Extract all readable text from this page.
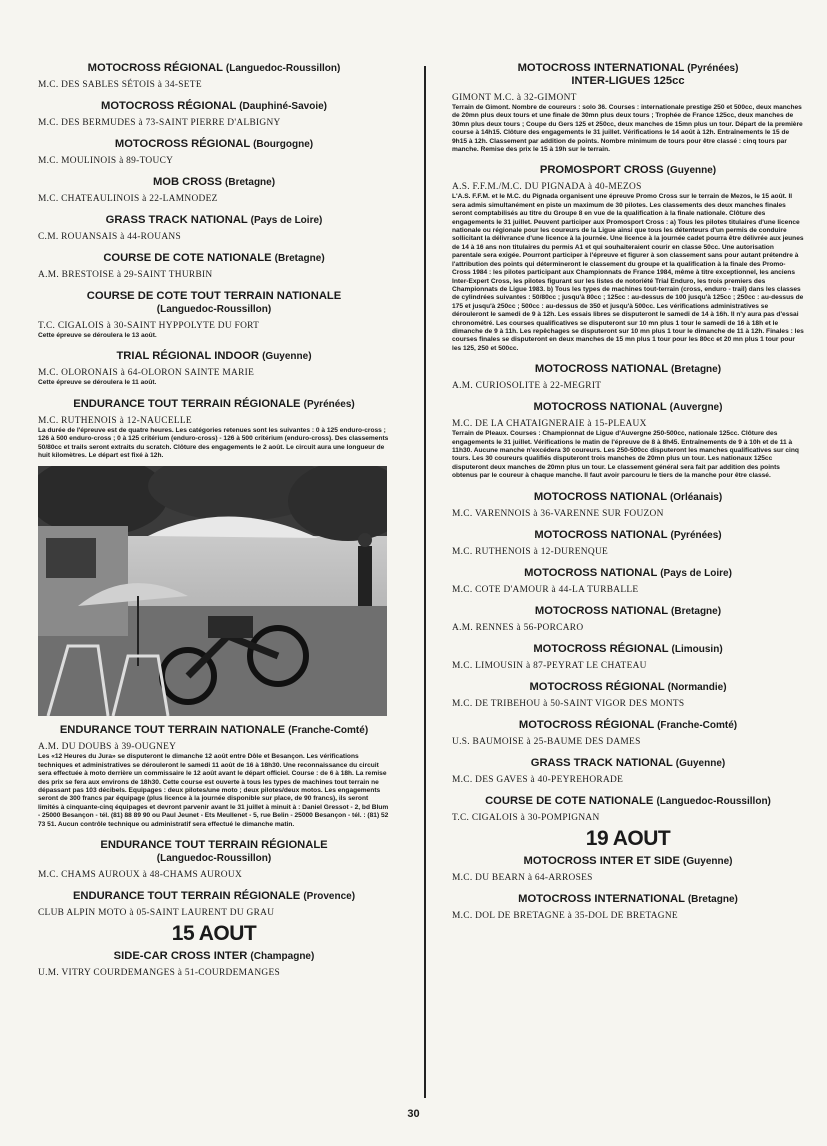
MOTOCROSS RÉGIONAL (Languedoc-Roussillon)

M.C. DES SABLES SÉTOIS à 34-SETE

MOTOCROSS RÉGIONAL (Dauphiné-Savoie)

M.C. DES BERMUDES à 73-SAINT PIERRE D'ALBIGNY

MOTOCROSS RÉGIONAL (Bourgogne)

M.C. MOULINOIS à 89-TOUCY

MOB CROSS (Bretagne)

M.C. CHATEAULINOIS à 22-LAMNODEZ

GRASS TRACK NATIONAL (Pays de Loire)

C.M. ROUANSAIS à 44-ROUANS

COURSE DE COTE NATIONALE (Bretagne)

A.M. BRESTOISE à 29-SAINT THURBIN

COURSE DE COTE TOUT TERRAIN NATIONALE
(Languedoc-Roussillon)

T.C. CIGALOIS à 30-SAINT HYPPOLYTE DU FORT

Cette épreuve se déroulera le 13 août.

TRIAL RÉGIONAL INDOOR (Guyenne)

M.C. OLORONAIS à 64-OLORON SAINTE MARIE

Cette épreuve se déroulera le 11 août.

ENDURANCE TOUT TERRAIN RÉGIONALE (Pyrénées)

M.C. RUTHENOIS à 12-NAUCELLE

La durée de l'épreuve est de quatre heures. Les catégories retenues sont les suivantes : 0 à 125 enduro-cross ; 126 à 500 enduro-cross ; 0 à 125 critérium (enduro-cross) - 126 à 500 critérium (enduro-cross). Des classements 50/80cc et trails seront extraits du scratch. Clôture des engagements le 2 août. Le circuit aura une longueur de huit kilomètres. Le départ est fixé à 12h.

ENDURANCE TOUT TERRAIN NATIONALE (Franche-Comté)

A.M. DU DOUBS à 39-OUGNEY

Les «12 Heures du Jura» se disputeront le dimanche 12 août entre Dôle et Besançon. Les vérifications techniques et administratives se dérouleront le samedi 11 août de 16 à 18h30. Une reconnaissance du circuit sera effectuée à moto derrière un commissaire le 12 août avant le départ officiel. Course : de 6 à 18h. La remise des prix se fera aux environs de 18h30. Cette course est ouverte à tous les types de machines tout terrain ne dépassant pas 103 décibels. Equipages : deux pilotes/une moto ; deux pilotes/deux motos. Les engagements seront de 300 francs par équipage (plus licence à la journée disponible sur place, de 90 francs), ils seront limités à cinquante-cinq équipages et devront parvenir avant le 31 juillet à minuit à : Daniel Gressot - 2, bd Blum - 25000 Besançon - tél. (81) 88 89 90 ou Paul Jeunet - Ets Meullenet - 5, rue Belin - 25000 Besançon - tél. : (81) 52 73 51. Aucun contrôle technique ou administratif sera effectué le dimanche matin.

ENDURANCE TOUT TERRAIN RÉGIONALE
(Languedoc-Roussillon)

M.C. CHAMS AUROUX à 48-CHAMS AUROUX

ENDURANCE TOUT TERRAIN RÉGIONALE (Provence)

CLUB ALPIN MOTO à 05-SAINT LAURENT DU GRAU

15 AOUT

SIDE-CAR CROSS INTER (Champagne)

U.M. VITRY COURDEMANGES à 51-COURDEMANGES

MOTOCROSS INTERNATIONAL (Pyrénées)

INTER-LIGUES 125cc

GIMONT M.C. à 32-GIMONT

Terrain de Gimont. Nombre de coureurs : solo 36. Courses : internationale prestige 250 et 500cc, deux manches de 20mn plus deux tours et une finale de 30mn plus deux tours ; Trophée de France 125cc, deux manches de 30mn plus deux tours ; Coupe du Gers 125 et 250cc, deux manches de 15mn plus un tour. Départ de la première course à 14h15. Clôture des engagements le 31 juillet. Vérifications le 14 août à 12h. Entraînements le 15 de 9h15 à 12h. Classement par addition de points. Nombre minimum de tours pour être classé : cinq tours par manche. Remise des prix le 15 à 19h sur le terrain.

PROMOSPORT CROSS (Guyenne)

A.S. F.F.M./M.C. DU PIGNADA à 40-MEZOS

L'A.S. F.F.M. et le M.C. du Pignada organisent une épreuve Promo Cross sur le terrain de Mezos, le 15 août. Il sera admis simultanément en piste un maximum de 30 pilotes. Les classements des deux manches finales seront comptabilisés au titre du Groupe 8 en vue de la qualification à la finale nationale. Clôture des engagements le 31 juillet. Peuvent participer aux Promosport Cross : a) Tous les pilotes titulaires d'une licence nationale ou régionale pour les coureurs de la Ligue ainsi que tous les détenteurs d'un permis de conduire sollicitant la délivrance d'une licence à la journée. Une licence à la journée cadet pourra être délivrée aux jeunes de 14 à 16 ans non titulaires du permis A1 et qui souhaiteraient courir en classe 50cc. Une autorisation parentale sera exigée. Pourront participer à l'épreuve et figurer à son classement sans pour autant prétendre à l'attribution des points qui détermineront le classement du groupe et la qualification à la finale des Promo-Cross 1984 : les pilotes participant aux Championnats de France 1984, même à titre exceptionnel, les anciens Inter-Expert Cross, les pilotes figurant sur les listes de notoriété Trial Enduro, les trois premiers des Championnats de Ligue 1983. b) Tous les types de machines tout-terrain (cross, enduro - trail) dans les classes de cylindrées suivantes : 50/80cc ; jusqu'à 80cc ; 125cc : au-dessus de 100 jusqu'à 125cc ; 250cc : au-dessus de 175 et jusqu'à 250cc ; 500cc : au-dessus de 350 et jusqu'à 500cc. Les vérifications administratives se dérouleront le samedi de 9 à 12h. Les essais libres se disputeront le samedi de 14 à 16h. Il n'y aura pas d'essai chronométré. Les courses qualificatives se disputeront sur 10 mn plus 1 tour le samedi de 16 à 18h et le dimanche de 9 à 11h. Les repêchages se disputeront sur 10 mn plus 1 tour le dimanche de 11 à 12h. Finales : les courses finales se disputeront en deux manches de 15 mn plus 1 tour pour les 80cc et 20 mn plus 1 tour pour les 125, 250 et 500cc.

MOTOCROSS NATIONAL (Bretagne)

A.M. CURIOSOLITE à 22-MEGRIT

MOTOCROSS NATIONAL (Auvergne)

M.C. DE LA CHATAIGNERAIE à 15-PLEAUX

Terrain de Pleaux. Courses : Championnat de Ligue d'Auvergne 250-500cc, nationale 125cc. Clôture des engagements le 31 juillet. Vérifications le matin de l'épreuve de 8 à 8h45. Entraînements de 9 à 10h et de 11 à 11h30. Aucune manche n'excédera 30 coureurs. Les 250-500cc disputeront les manches qualificatives sur cinq tours. Les 30 coureurs qualifiés disputeront trois manches de 20mn plus un tour. Les nationaux 125cc disputeront deux manches de 20mn plus un tour. Le classement général sera fait par addition des points obtenus par le coureur à chaque manche. Il faut avoir parcouru le tiers de la manche pour être classé.

MOTOCROSS NATIONAL (Orléanais)

M.C. VARENNOIS à 36-VARENNE SUR FOUZON

MOTOCROSS NATIONAL (Pyrénées)

M.C. RUTHENOIS à 12-DURENQUE

MOTOCROSS NATIONAL (Pays de Loire)

M.C. COTE D'AMOUR à 44-LA TURBALLE

MOTOCROSS NATIONAL (Bretagne)

A.M. RENNES à 56-PORCARO

MOTOCROSS RÉGIONAL (Limousin)

M.C. LIMOUSIN à 87-PEYRAT LE CHATEAU

MOTOCROSS RÉGIONAL (Normandie)

M.C. DE TRIBEHOU à 50-SAINT VIGOR DES MONTS

MOTOCROSS RÉGIONAL (Franche-Comté)

U.S. BAUMOISE à 25-BAUME DES DAMES

GRASS TRACK NATIONAL (Guyenne)

M.C. DES GAVES à 40-PEYREHORADE

COURSE DE COTE NATIONALE (Languedoc-Roussillon)

T.C. CIGALOIS à 30-POMPIGNAN

19 AOUT

MOTOCROSS INTER ET SIDE (Guyenne)

M.C. DU BEARN à 64-ARROSES

MOTOCROSS INTERNATIONAL (Bretagne)

M.C. DOL DE BRETAGNE à 35-DOL DE BRETAGNE

30
